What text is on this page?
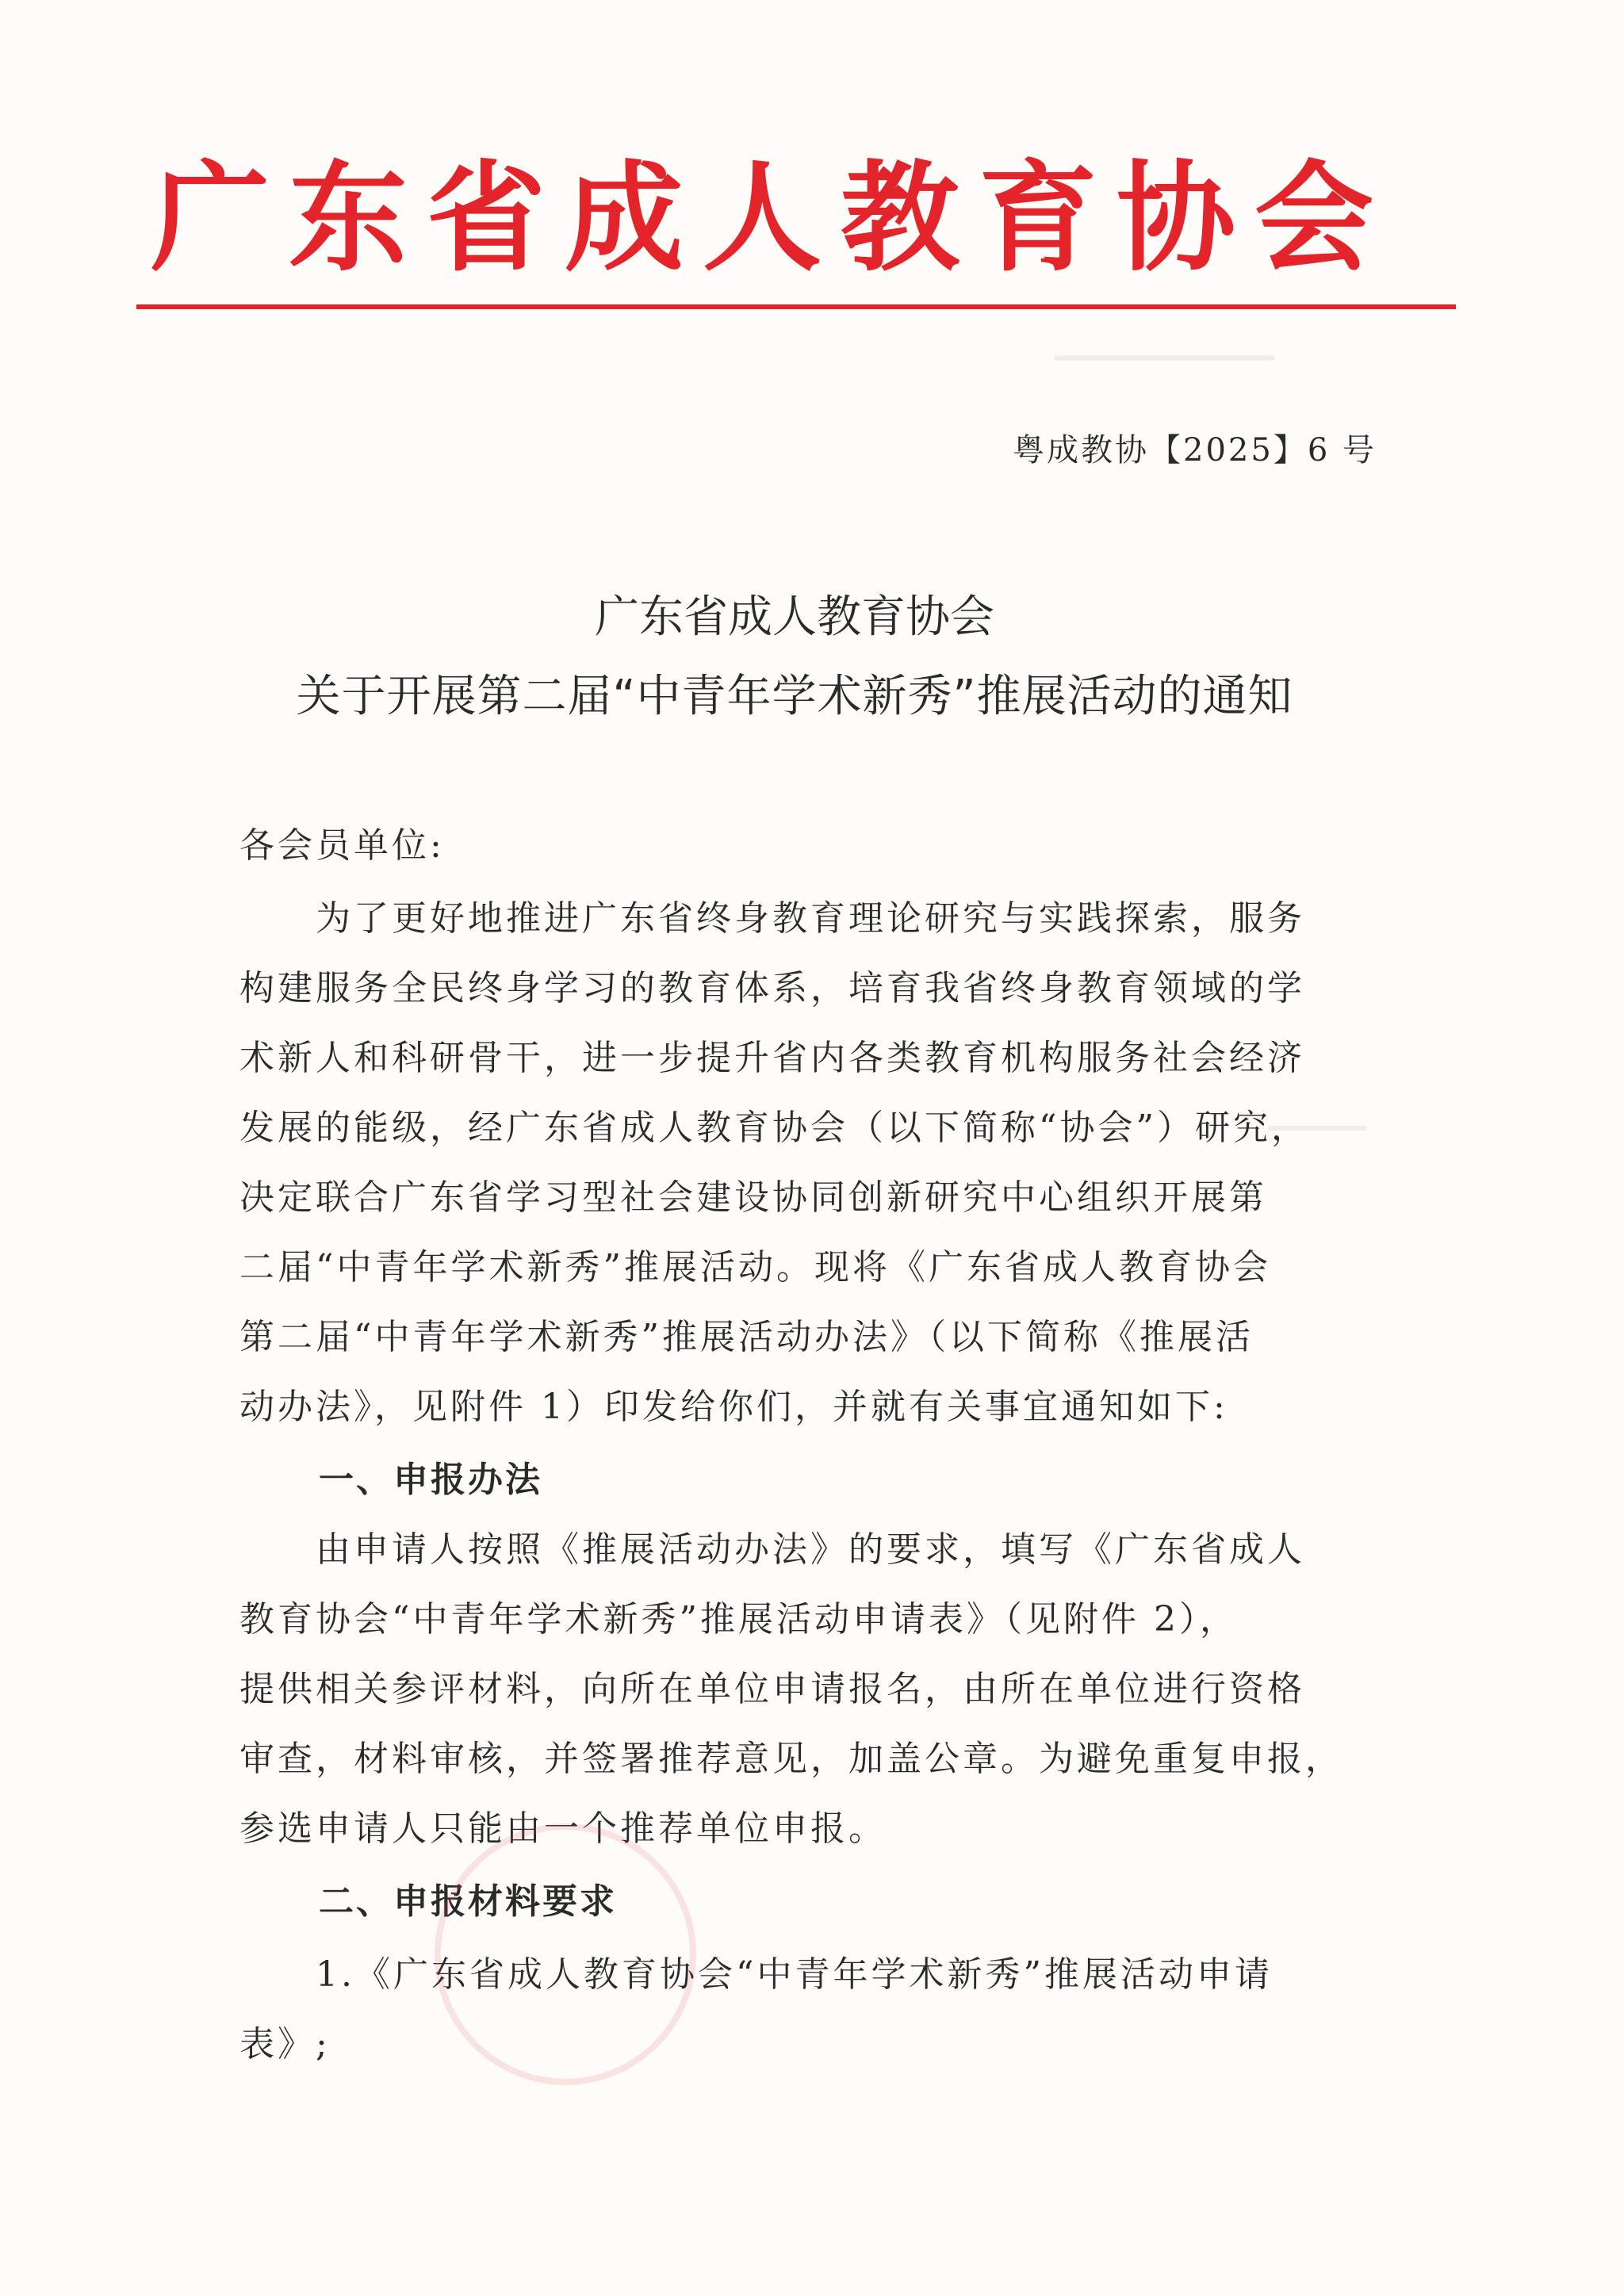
▔▔▔▔▔▔▔▔▔
▁▁▁▁
广东省成人教育协会
粤成教协【2025】6 号
广东省成人教育协会
关于开展第二届“中青年学术新秀”推展活动的通知
各会员单位:
　　为了更好地推进广东省终身教育理论研究与实践探索，服务
构建服务全民终身学习的教育体系，培育我省终身教育领域的学
术新人和科研骨干，进一步提升省内各类教育机构服务社会经济
发展的能级，经广东省成人教育协会（以下简称“协会”）研究，
决定联合广东省学习型社会建设协同创新研究中心组织开展第
二届“中青年学术新秀”推展活动。现将《广东省成人教育协会
第二届“中青年学术新秀”推展活动办法》（以下简称《推展活
动办法》，见附件 1）印发给你们，并就有关事宜通知如下:
一、申报办法
　　由申请人按照《推展活动办法》的要求，填写《广东省成人
教育协会“中青年学术新秀”推展活动申请表》（见附件 2），
提供相关参评材料，向所在单位申请报名，由所在单位进行资格
审查，材料审核，并签署推荐意见，加盖公章。为避免重复申报，
参选申请人只能由一个推荐单位申报。
二、申报材料要求
　　1.《广东省成人教育协会“中青年学术新秀”推展活动申请
表》;
